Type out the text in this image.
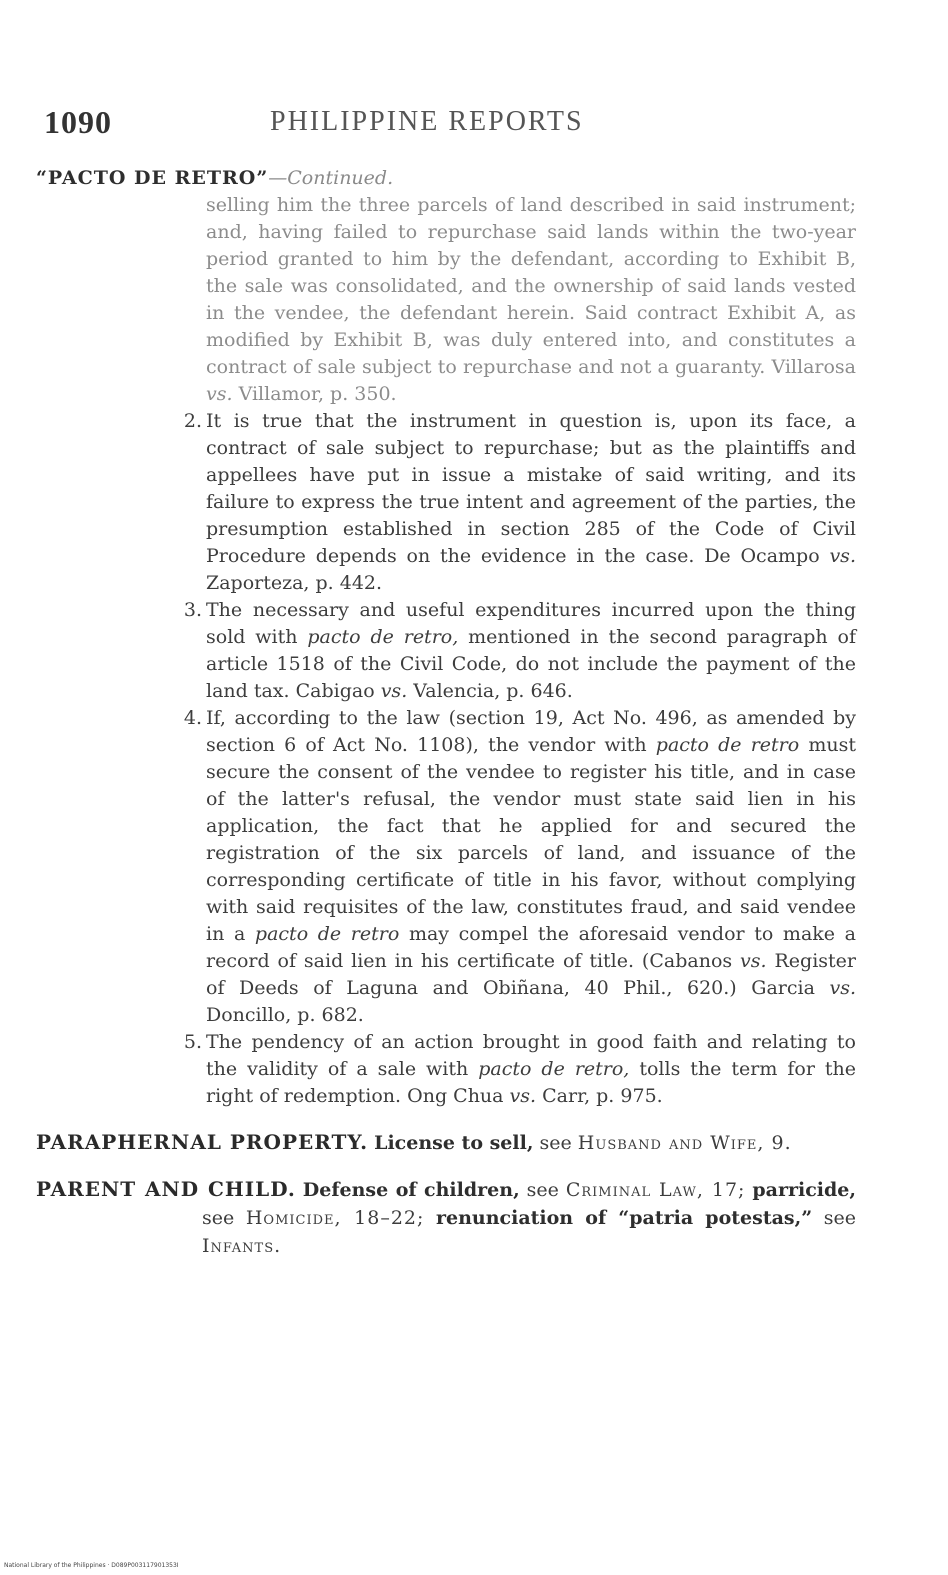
1090	PHILIPPINE REPORTS
“PACTO DE RETRO”—Continued.

selling him the three parcels of land described in said instrument; and, having failed to repurchase said lands within the two-year period granted to him by the defendant, according to Exhibit B, the sale was consolidated, and the ownership of said lands vested in the vendee, the defendant herein. Said contract Exhibit A, as modified by Exhibit B, was duly entered into, and constitutes a contract of sale subject to repurchase and not a guaranty. Villarosa vs. Villamor, p. 350.

2. It is true that the instrument in question is, upon its face, a contract of sale subject to repurchase; but as the plaintiffs and appellees have put in issue a mistake of said writing, and its failure to express the true intent and agreement of the parties, the presumption established in section 285 of the Code of Civil Procedure depends on the evidence in the case. De Ocampo vs. Zaporteza, p. 442.
3. The necessary and useful expenditures incurred upon the thing sold with pacto de retro, mentioned in the second paragraph of article 1518 of the Civil Code, do not include the payment of the land tax. Cabigao vs. Valencia, p. 646.
4. If, according to the law (section 19, Act No. 496, as amended by section 6 of Act No. 1108), the vendor with pacto de retro must secure the consent of the vendee to register his title, and in case of the latter's refusal, the vendor must state said lien in his application, the fact that he applied for and secured the registration of the six parcels of land, and issuance of the corresponding certificate of title in his favor, without complying with said requisites of the law, constitutes fraud, and said vendee in a pacto de retro may compel the aforesaid vendor to make a record of said lien in his certificate of title. (Cabanos vs. Register of Deeds of Laguna and Obiñana, 40 Phil., 620.) Garcia vs. Doncillo, p. 682.
5. The pendency of an action brought in good faith and relating to the validity of a sale with pacto de retro, tolls the term for the right of redemption. Ong Chua vs. Carr, p. 975.
PARAPHERNAL PROPERTY. License to sell, see Husband and Wife, 9.
PARENT AND CHILD. Defense of children, see Criminal Law, 17; parricide, see Homicide, 18–22; renunciation of “patria potestas,” see Infants.
National Library of the Philippines · D089P003117901353I
